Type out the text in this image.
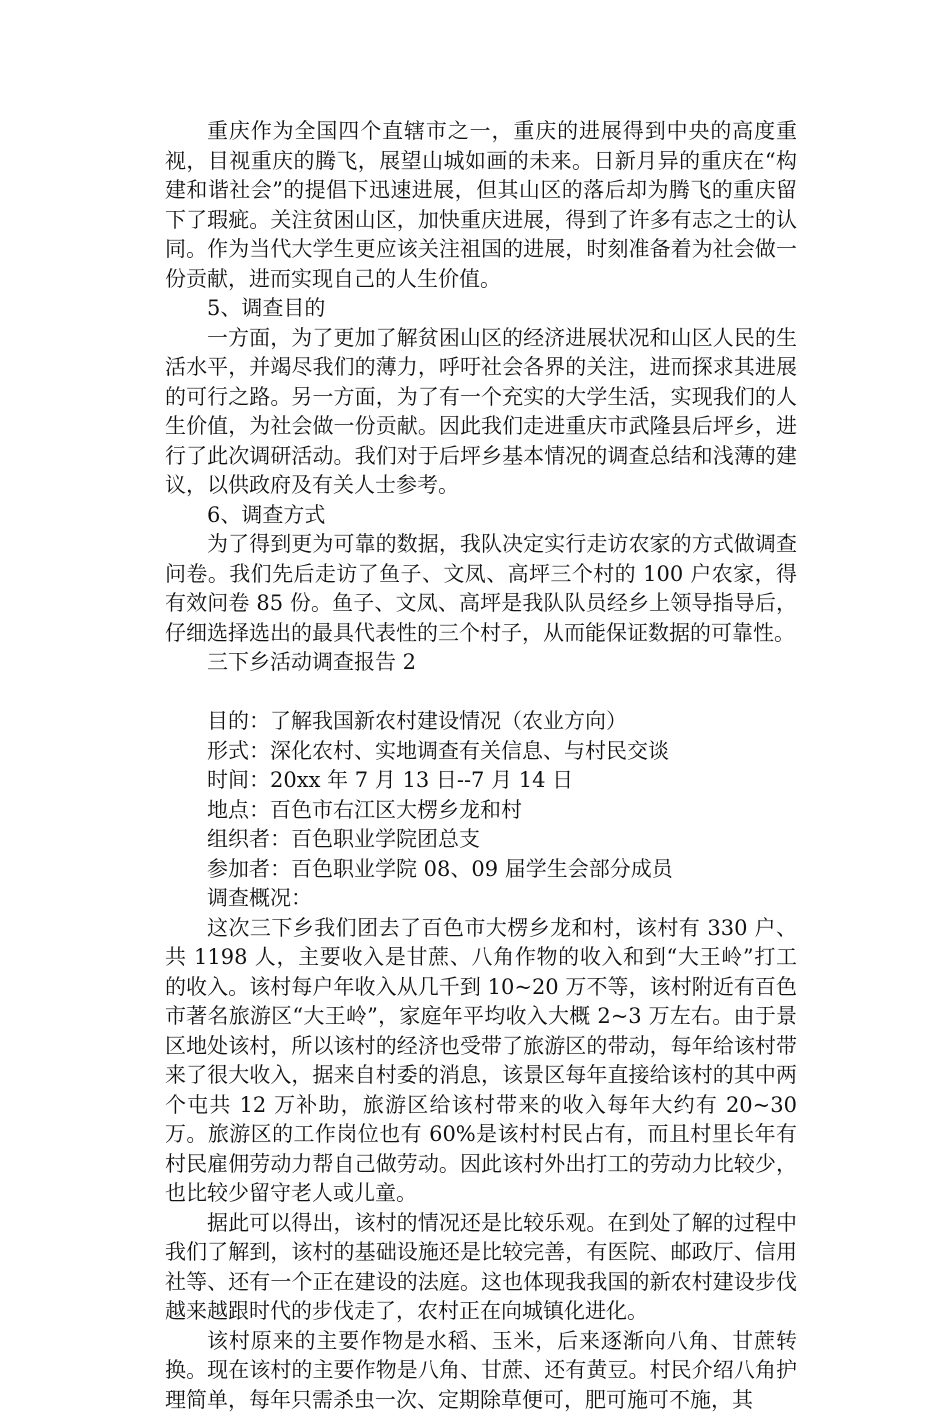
重庆作为全国四个直辖市之一，重庆的进展得到中央的高度重视，目视重庆的腾飞，展望山城如画的未来。日新月异的重庆在“构建和谐社会”的提倡下迅速进展，但其山区的落后却为腾飞的重庆留下了瑕疵。关注贫困山区，加快重庆进展，得到了许多有志之士的认同。作为当代大学生更应该关注祖国的进展，时刻准备着为社会做一份贡献，进而实现自己的人生价值。

5、调查目的

一方面，为了更加了解贫困山区的经济进展状况和山区人民的生活水平，并竭尽我们的薄力，呼吁社会各界的关注，进而探求其进展的可行之路。另一方面，为了有一个充实的大学生活，实现我们的人生价值，为社会做一份贡献。因此我们走进重庆市武隆县后坪乡，进行了此次调研活动。我们对于后坪乡基本情况的调查总结和浅薄的建议，以供政府及有关人士参考。

6、调查方式

为了得到更为可靠的数据，我队决定实行走访农家的方式做调查问卷。我们先后走访了鱼子、文凤、高坪三个村的 100 户农家，得有效问卷 85 份。鱼子、文凤、高坪是我队队员经乡上领导指导后，仔细选择选出的最具代表性的三个村子，从而能保证数据的可靠性。

三下乡活动调查报告 2

目的：了解我国新农村建设情况（农业方向）

形式：深化农村、实地调查有关信息、与村民交谈

时间：20xx 年 7 月 13 日--7 月 14 日

地点：百色市右江区大楞乡龙和村

组织者：百色职业学院团总支

参加者：百色职业学院 08、09 届学生会部分成员

调查概况：

这次三下乡我们团去了百色市大楞乡龙和村，该村有 330 户、共 1198 人，主要收入是甘蔗、八角作物的收入和到“大王岭”打工的收入。该村每户年收入从几千到 10~20 万不等，该村附近有百色市著名旅游区“大王岭”，家庭年平均收入大概 2~3 万左右。由于景区地处该村，所以该村的经济也受带了旅游区的带动，每年给该村带来了很大收入，据来自村委的消息，该景区每年直接给该村的其中两个屯共 12 万补助，旅游区给该村带来的收入每年大约有 20~30 万。旅游区的工作岗位也有 60%是该村村民占有，而且村里长年有村民雇佣劳动力帮自己做劳动。因此该村外出打工的劳动力比较少，也比较少留守老人或儿童。

据此可以得出，该村的情况还是比较乐观。在到处了解的过程中我们了解到，该村的基础设施还是比较完善，有医院、邮政厅、信用社等、还有一个正在建设的法庭。这也体现我我国的新农村建设步伐越来越跟时代的步伐走了，农村正在向城镇化进化。

该村原来的主要作物是水稻、玉米，后来逐渐向八角、甘蔗转换。现在该村的主要作物是八角、甘蔗、还有黄豆。村民介绍八角护理简单，每年只需杀虫一次、定期除草便可，肥可施可不施，其
